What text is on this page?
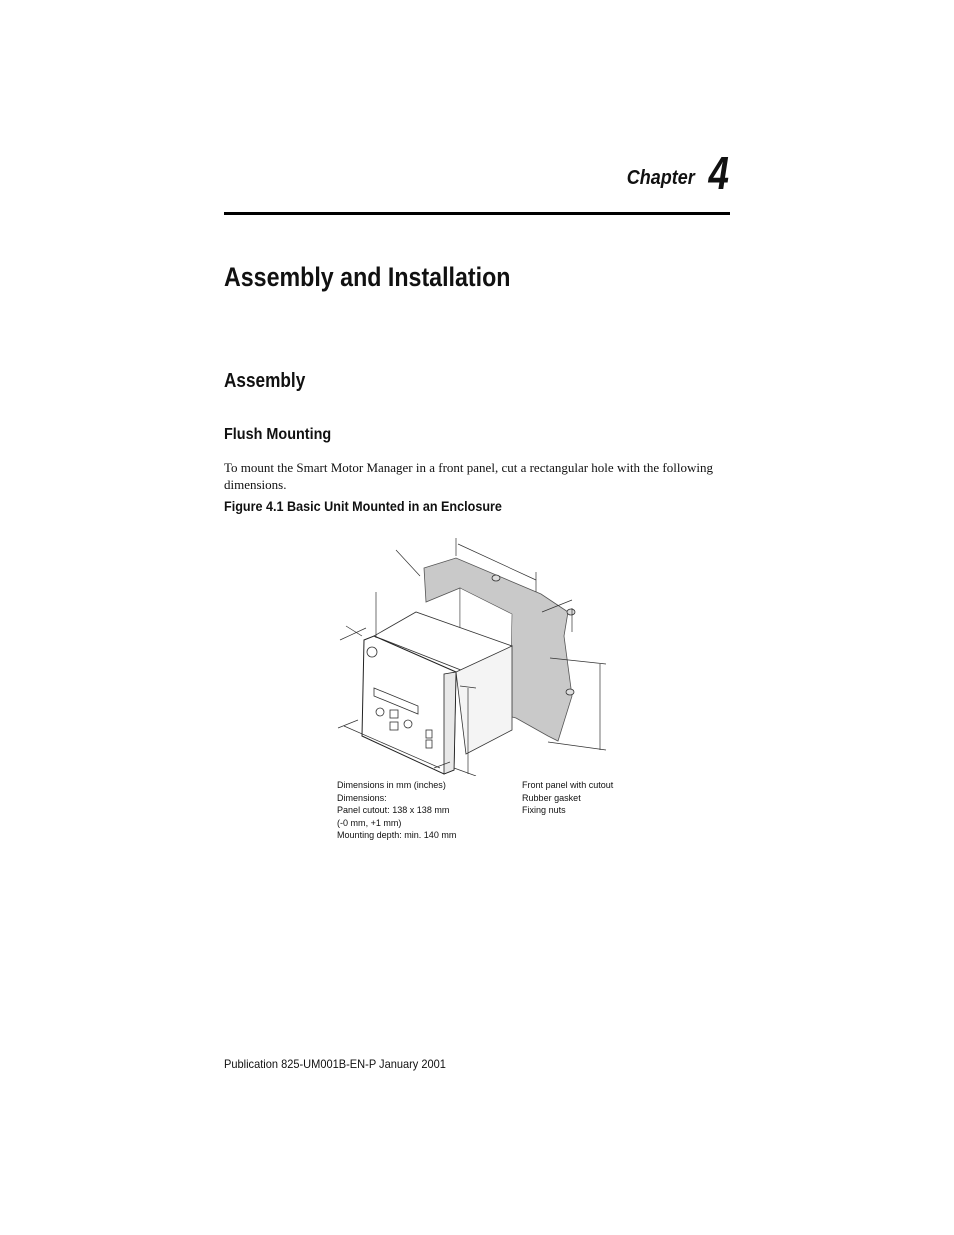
Chapter 4
Assembly and Installation
Assembly
Flush Mounting

To mount the Smart Motor Manager in a front panel, cut a rectangular hole with the following dimensions.

Figure 4.1 Basic Unit Mounted in an Enclosure

Dimensions in mm (inches)
Dimensions:
Panel cutout: 138 x 138 mm
(-0 mm, +1 mm)
Mounting depth: min. 140 mm
Front panel with cutout
Rubber gasket
Fixing nuts
Publication 825-UM001B-EN-P January 2001
